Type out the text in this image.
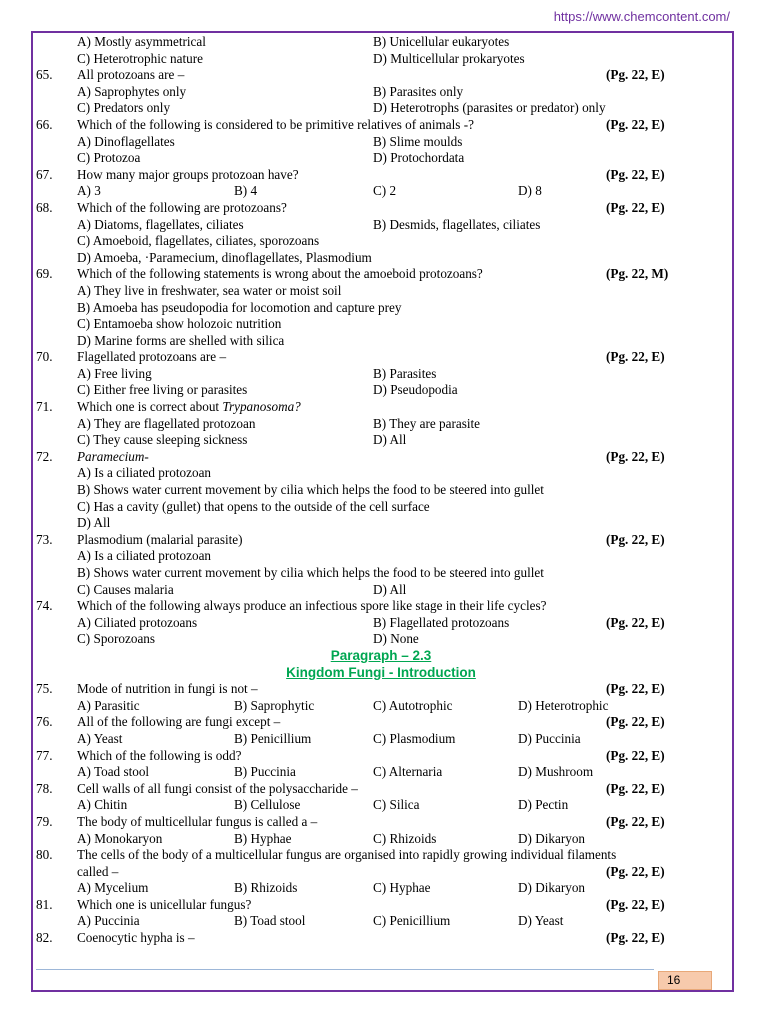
https://www.chemcontent.com/
A) Mostly asymmetrical	B) Unicellular eukaryotes
C) Heterotrophic nature	D) Multicellular prokaryotes
65. All protozoans are –	(Pg. 22, E)
A) Saprophytes only	B) Parasites only
C) Predators only	D) Heterotrophs (parasites or predator) only
66. Which of the following is considered to be primitive relatives of animals -?	(Pg. 22, E)
A) Dinoflagellates	B) Slime moulds
C) Protozoa	D) Protochordata
67. How many major groups protozoan have?	(Pg. 22, E)
A) 3	B) 4	C) 2	D) 8
68. Which of the following are protozoans?	(Pg. 22, E)
A) Diatoms, flagellates, ciliates	B) Desmids, flagellates, ciliates
C) Amoeboid, flagellates, ciliates, sporozoans
D) Amoeba, ·Paramecium, dinoflagellates, Plasmodium
69. Which of the following statements is wrong about the amoeboid protozoans?	(Pg. 22, M)
A) They live in freshwater, sea water or moist soil
B) Amoeba has pseudopodia for locomotion and capture prey
C) Entamoeba show holozoic nutrition
D) Marine forms are shelled with silica
70. Flagellated protozoans are –	(Pg. 22, E)
A) Free living	B) Parasites
C) Either free living or parasites	D) Pseudopodia
71. Which one is correct about Trypanosoma?
A) They are flagellated protozoan	B) They are parasite
C) They cause sleeping sickness	D) All
72. Paramecium-	(Pg. 22, E)
A) Is a ciliated protozoan
B) Shows water current movement by cilia which helps the food to be steered into gullet
C) Has a cavity (gullet) that opens to the outside of the cell surface
D) All
73. Plasmodium (malarial parasite)	(Pg. 22, E)
A) Is a ciliated protozoan
B) Shows water current movement by cilia which helps the food to be steered into gullet
C) Causes malaria	D) All
74. Which of the following always produce an infectious spore like stage in their life cycles?
A) Ciliated protozoans	B) Flagellated protozoans	(Pg. 22, E)
C) Sporozoans	D) None
Paragraph – 2.3
Kingdom Fungi - Introduction
75. Mode of nutrition in fungi is not –	(Pg. 22, E)
A) Parasitic	B) Saprophytic	C) Autotrophic	D) Heterotrophic
76. All of the following are fungi except –	(Pg. 22, E)
A) Yeast	B) Penicillium	C) Plasmodium	D) Puccinia
77. Which of the following is odd?	(Pg. 22, E)
A) Toad stool	B) Puccinia	C) Alternaria	D) Mushroom
78. Cell walls of all fungi consist of the polysaccharide –	(Pg. 22, E)
A) Chitin	B) Cellulose	C) Silica	D) Pectin
79. The body of multicellular fungus is called a –	(Pg. 22, E)
A) Monokaryon	B) Hyphae	C) Rhizoids	D) Dikaryon
80. The cells of the body of a multicellular fungus are organised into rapidly growing individual filaments
called –	(Pg. 22, E)
A) Mycelium	B) Rhizoids	C) Hyphae	D) Dikaryon
81. Which one is unicellular fungus?	(Pg. 22, E)
A) Puccinia	B) Toad stool	C) Penicillium	D) Yeast
82. Coenocytic hypha is –	(Pg. 22, E)
16
